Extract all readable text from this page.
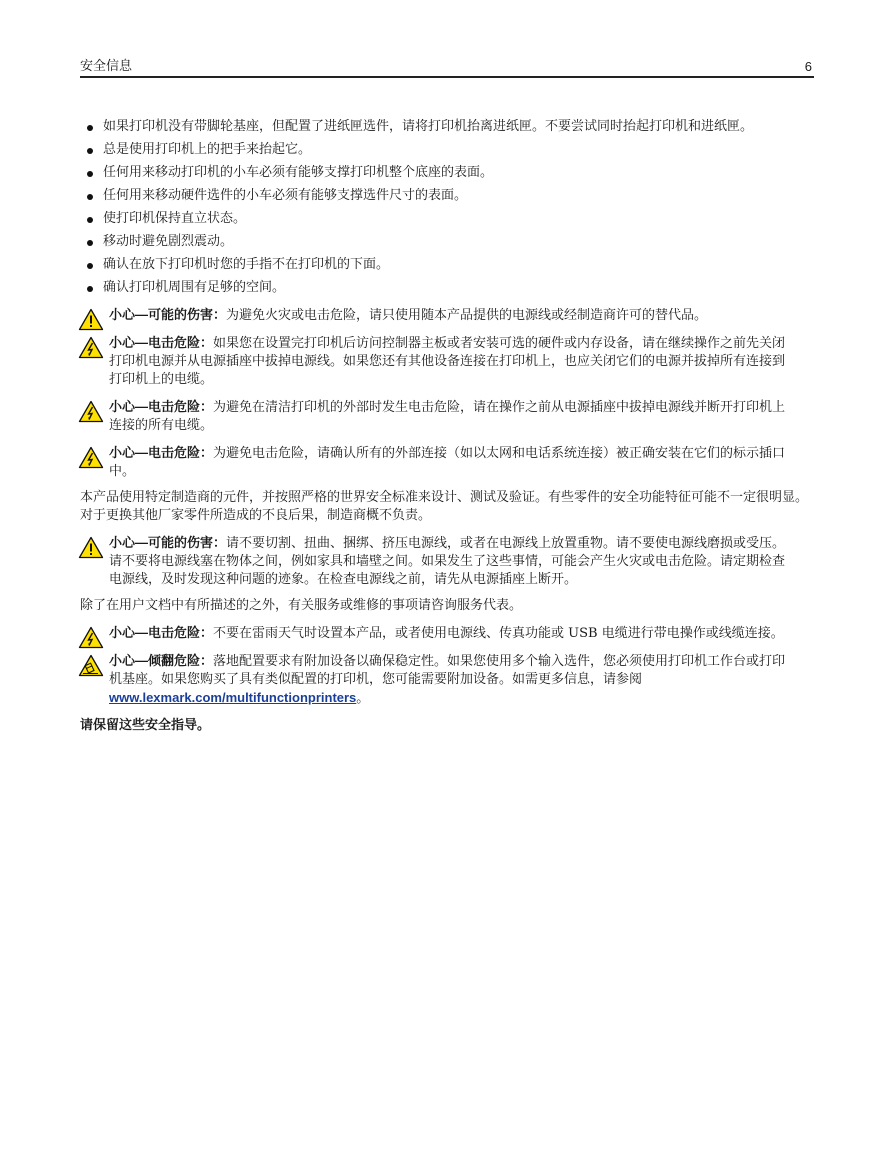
安全信息	6
如果打印机没有带脚轮基座，但配置了进纸匣选件，请将打印机抬离进纸匣。不要尝试同时抬起打印机和进纸匣。
总是使用打印机上的把手来抬起它。
任何用来移动打印机的小车必须有能够支撑打印机整个底座的表面。
任何用来移动硬件选件的小车必须有能够支撑选件尺寸的表面。
使打印机保持直立状态。
移动时避免剧烈震动。
确认在放下打印机时您的手指不在打印机的下面。
确认打印机周围有足够的空间。
小心—可能的伤害：为避免火灾或电击危险，请只使用随本产品提供的电源线或经制造商许可的替代品。
小心—电击危险：如果您在设置完打印机后访问控制器主板或者安装可选的硬件或内存设备，请在继续操作之前先关闭打印机电源并从电源插座中拔掉电源线。如果您还有其他设备连接在打印机上，也应关闭它们的电源并拔掉所有连接到打印机上的电缆。
小心—电击危险：为避免在清洁打印机的外部时发生电击危险，请在操作之前从电源插座中拔掉电源线并断开打印机上连接的所有电缆。
小心—电击危险：为避免电击危险，请确认所有的外部连接（如以太网和电话系统连接）被正确安装在它们的标示插口中。

本产品使用特定制造商的元件，并按照严格的世界安全标准来设计、测试及验证。有些零件的安全功能特征可能不一定很明显。对于更换其他厂家零件所造成的不良后果，制造商概不负责。

小心—可能的伤害：请不要切割、扭曲、捆绑、挤压电源线，或者在电源线上放置重物。请不要使电源线磨损或受压。请不要将电源线塞在物体之间，例如家具和墙壁之间。如果发生了这些事情，可能会产生火灾或电击危险。请定期检查电源线，及时发现这种问题的迹象。在检查电源线之前，请先从电源插座上断开。

除了在用户文档中有所描述的之外，有关服务或维修的事项请咨询服务代表。

小心—电击危险：不要在雷雨天气时设置本产品，或者使用电源线、传真功能或 USB 电缆进行带电操作或线缆连接。
小心—倾翻危险：落地配置要求有附加设备以确保稳定性。如果您使用多个输入选件，您必须使用打印机工作台或打印机基座。如果您购买了具有类似配置的打印机，您可能需要附加设备。如需更多信息，请参阅 www.lexmark.com/multifunctionprinters。

请保留这些安全指导。
